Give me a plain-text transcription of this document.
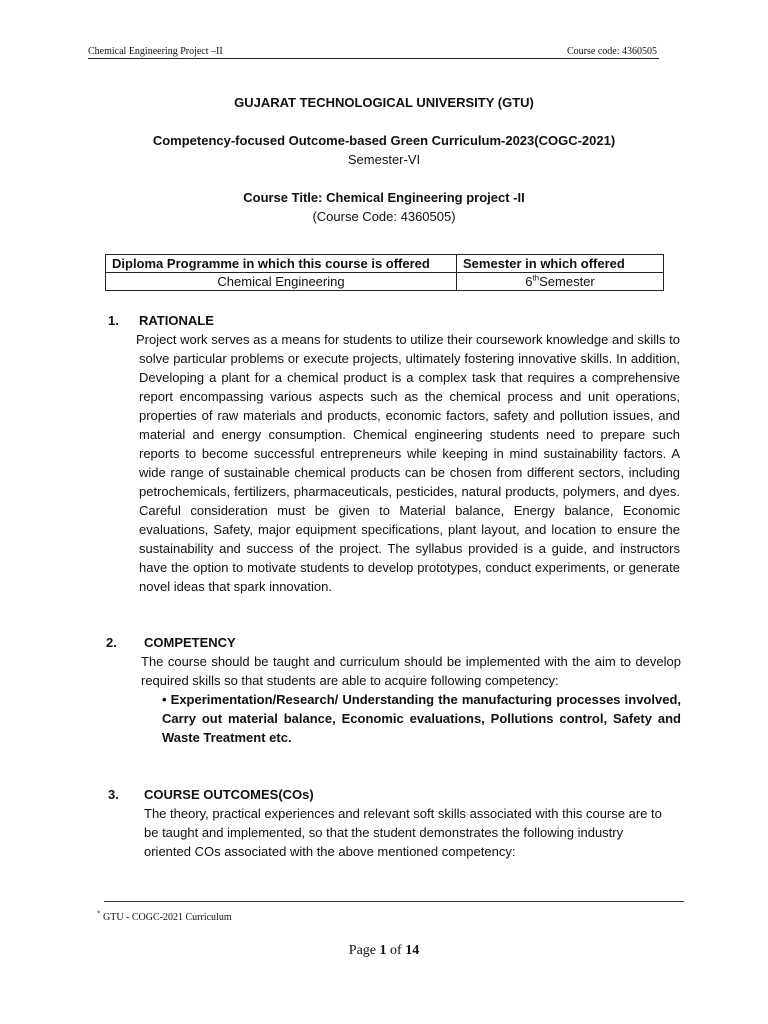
Chemical Engineering Project –II	Course code: 4360505
GUJARAT TECHNOLOGICAL UNIVERSITY (GTU)
Competency-focused Outcome-based Green Curriculum-2023(COGC-2021)
Semester-VI
Course Title: Chemical Engineering project -II
(Course Code: 4360505)
Diploma Programme in which this course is offered	Semester in which offered
Chemical Engineering	6thSemester
1. RATIONALE
Project work serves as a means for students to utilize their coursework knowledge and skills to solve particular problems or execute projects, ultimately fostering innovative skills. In addition, Developing a plant for a chemical product is a complex task that requires a comprehensive report encompassing various aspects such as the chemical process and unit operations, properties of raw materials and products, economic factors, safety and pollution issues, and material and energy consumption. Chemical engineering students need to prepare such reports to become successful entrepreneurs while keeping in mind sustainability factors. A wide range of sustainable chemical products can be chosen from different sectors, including petrochemicals, fertilizers, pharmaceuticals, pesticides, natural products, polymers, and dyes. Careful consideration must be given to Material balance, Energy balance, Economic evaluations, Safety, major equipment specifications, plant layout, and location to ensure the sustainability and success of the project. The syllabus provided is a guide, and instructors have the option to motivate students to develop prototypes, conduct experiments, or generate novel ideas that spark innovation.
2. COMPETENCY
The course should be taught and curriculum should be implemented with the aim to develop required skills so that students are able to acquire following competency:
• Experimentation/Research/ Understanding the manufacturing processes involved, Carry out material balance, Economic evaluations, Pollutions control, Safety and Waste Treatment etc.
3. COURSE OUTCOMES(COs)
The theory, practical experiences and relevant soft skills associated with this course are to be taught and implemented, so that the student demonstrates the following industry oriented COs associated with the above mentioned competency:
* GTU - COGC-2021 Curriculum
Page 1 of 14
